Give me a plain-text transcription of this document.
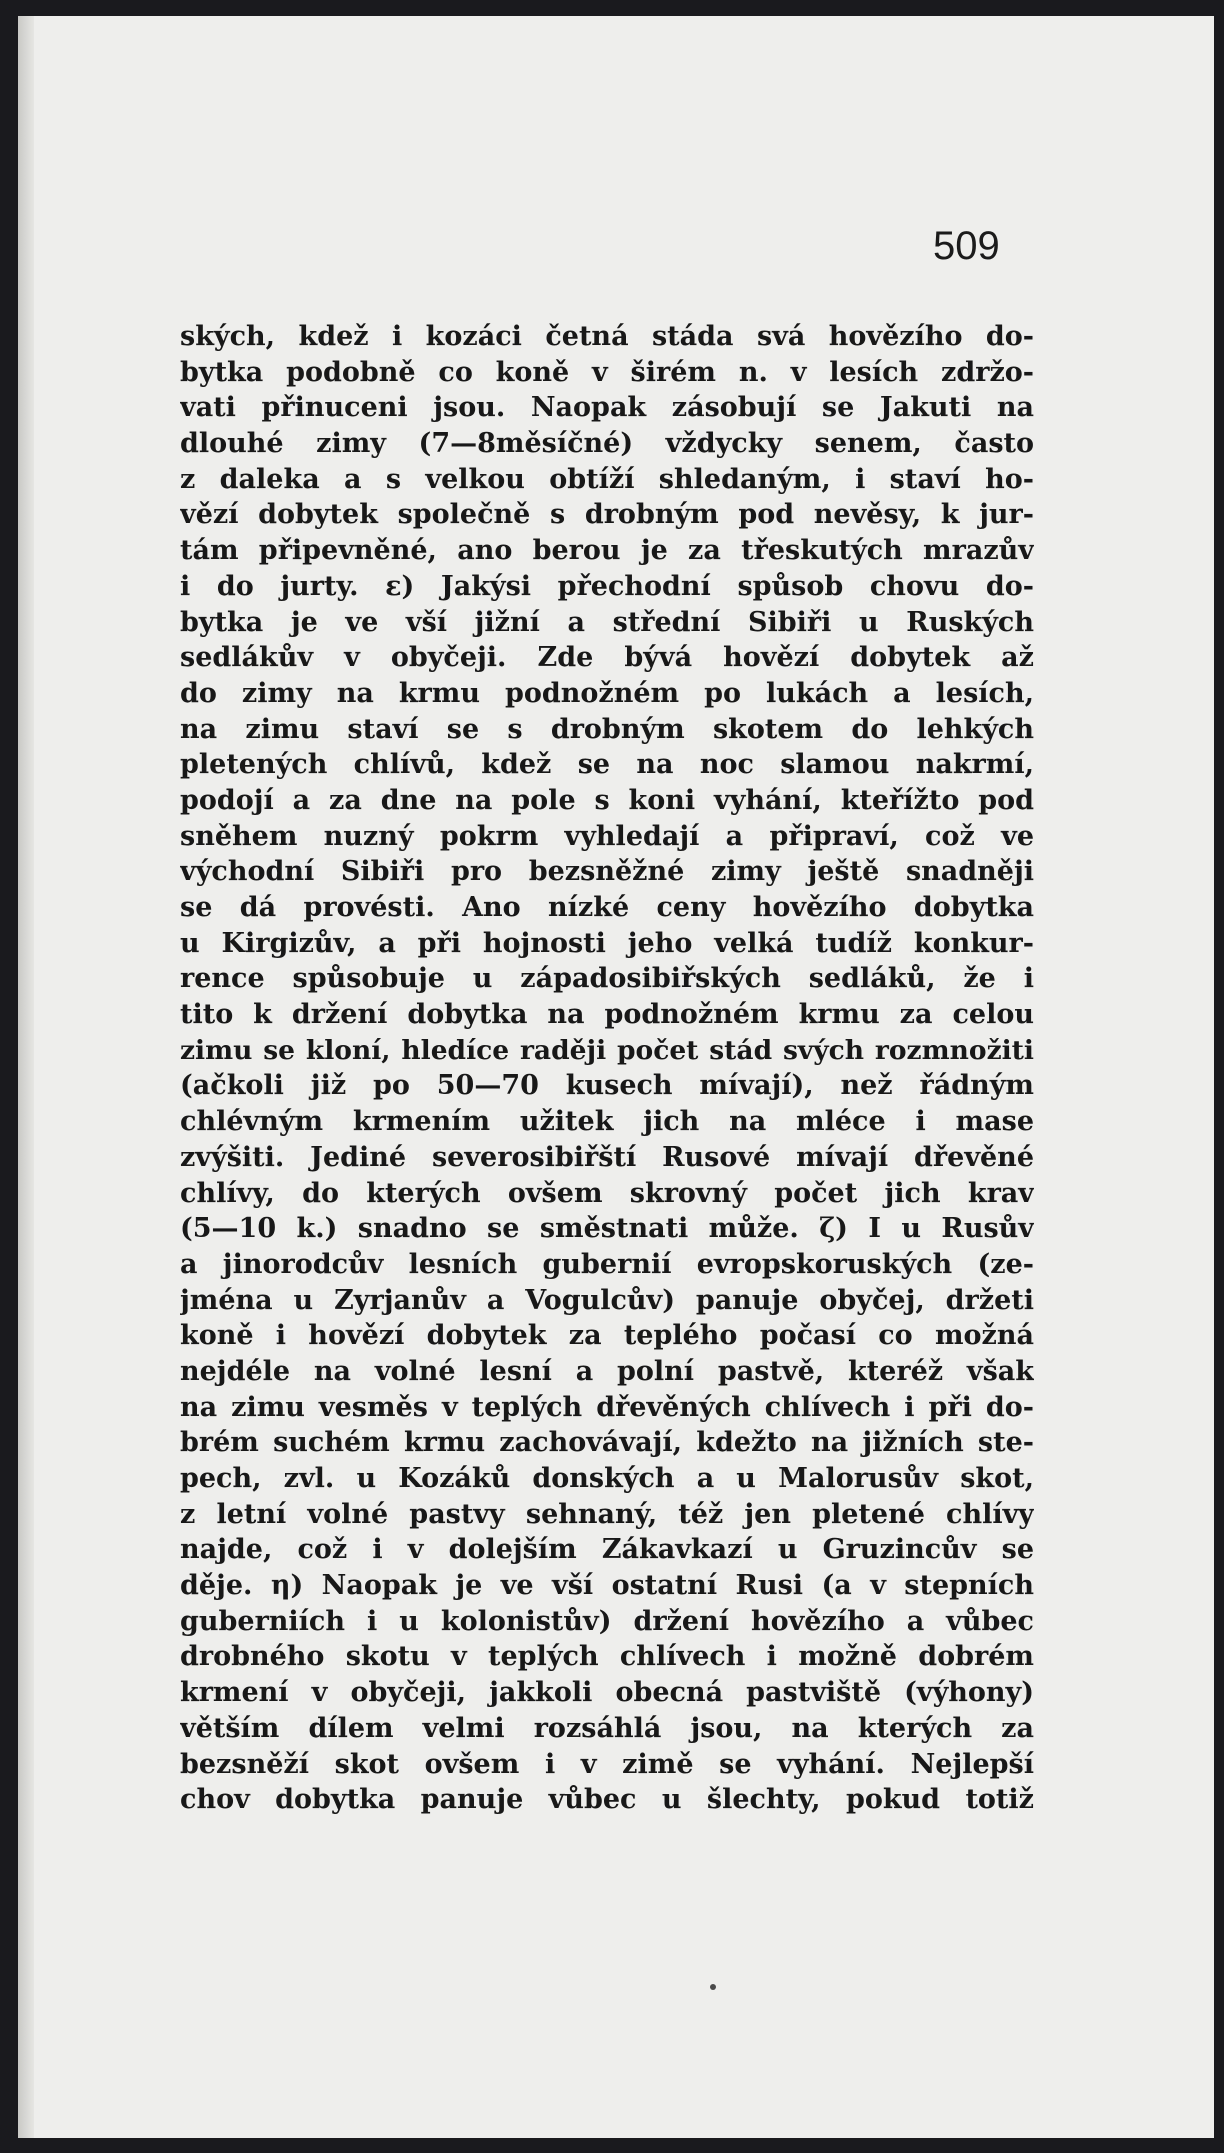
509
ských, kdež i kozáci četná stáda svá hovězího do-
bytka podobně co koně v širém n. v lesích zdržo-
vati přinuceni jsou. Naopak zásobují se Jakuti na
dlouhé zimy (7—8měsíčné) vždycky senem, často
z daleka a s velkou obtíží shledaným, i staví ho-
vězí dobytek společně s drobným pod nevěsy, k jur-
tám připevněné, ano berou je za třeskutých mrazův
i do jurty. ε) Jakýsi přechodní spůsob chovu do-
bytka je ve vší jižní a střední Sibiři u Ruských
sedlákův v obyčeji. Zde bývá hovězí dobytek až
do zimy na krmu podnožném po lukách a lesích,
na zimu staví se s drobným skotem do lehkých
pletených chlívů, kdež se na noc slamou nakrmí,
podojí a za dne na pole s koni vyhání, kteřížto pod
sněhem nuzný pokrm vyhledají a připraví, což ve
východní Sibiři pro bezsněžné zimy ještě snadněji
se dá provésti. Ano nízké ceny hovězího dobytka
u Kirgizův, a při hojnosti jeho velká tudíž konkur-
rence spůsobuje u západosibiřských sedláků, že i
tito k držení dobytka na podnožném krmu za celou
zimu se kloní, hledíce raději počet stád svých rozmnožiti
(ačkoli již po 50—70 kusech mívají), než řádným
chlévným krmením užitek jich na mléce i mase
zvýšiti. Jediné severosibiřští Rusové mívají dřevěné
chlívy, do kterých ovšem skrovný počet jich krav
(5—10 k.) snadno se směstnati může. ζ) I u Rusův
a jinorodcův lesních gubernií evropskoruských (ze-
jména u Zyrjanův a Vogulcův) panuje obyčej, držeti
koně i hovězí dobytek za teplého počasí co možná
nejdéle na volné lesní a polní pastvě, kteréž však
na zimu vesměs v teplých dřevěných chlívech i při do-
brém suchém krmu zachovávají, kdežto na jižních ste-
pech, zvl. u Kozáků donských a u Malorusův skot,
z letní volné pastvy sehnaný, též jen pletené chlívy
najde, což i v dolejším Zákavkazí u Gruzincův se
děje. η) Naopak je ve vší ostatní Rusi (a v stepních
guberniích i u kolonistův) držení hovězího a vůbec
drobného skotu v teplých chlívech i možně dobrém
krmení v obyčeji, jakkoli obecná pastviště (výhony)
větším dílem velmi rozsáhlá jsou, na kterých za
bezsněží skot ovšem i v zimě se vyhání. Nejlepší
chov dobytka panuje vůbec u šlechty, pokud totiž
